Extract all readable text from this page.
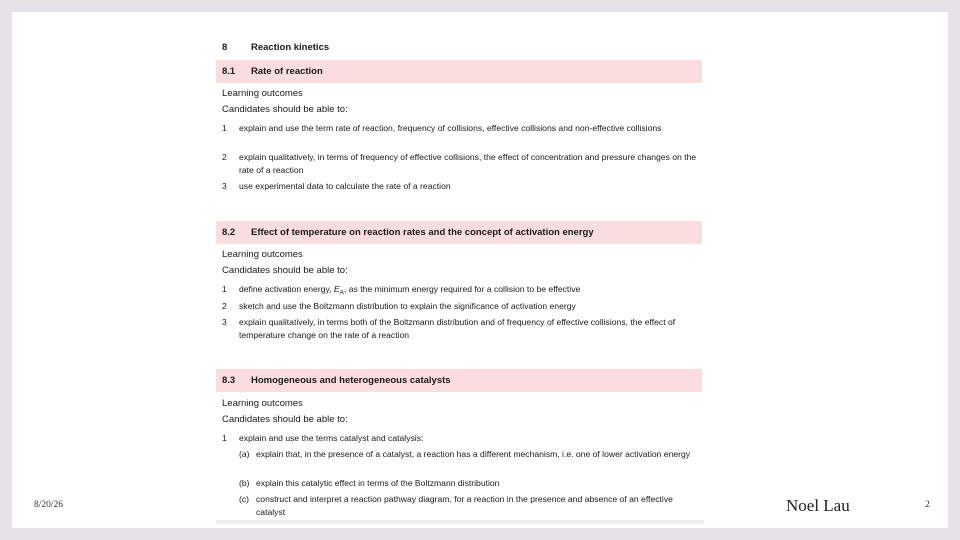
8 Reaction kinetics
8.1 Rate of reaction
Learning outcomes
Candidates should be able to:
1 explain and use the term rate of reaction, frequency of collisions, effective collisions and non-effective collisions
2 explain qualitatively, in terms of frequency of effective collisions, the effect of concentration and pressure changes on the rate of a reaction
3 use experimental data to calculate the rate of a reaction
8.2 Effect of temperature on reaction rates and the concept of activation energy
Learning outcomes
Candidates should be able to:
1 define activation energy, $E_A$, as the minimum energy required for a collision to be effective
2 sketch and use the Boltzmann distribution to explain the significance of activation energy
3 explain qualitatively, in terms both of the Boltzmann distribution and of frequency of effective collisions, the effect of temperature change on the rate of a reaction
8.3 Homogeneous and heterogeneous catalysts
Learning outcomes
Candidates should be able to:
1 explain and use the terms catalyst and catalysis:
(a) explain that, in the presence of a catalyst, a reaction has a different mechanism, i.e. one of lower activation energy
(b) explain this catalytic effect in terms of the Boltzmann distribution
(c) construct and interpret a reaction pathway diagram, for a reaction in the presence and absence of an effective catalyst
8/20/26	Noel Lau	2
